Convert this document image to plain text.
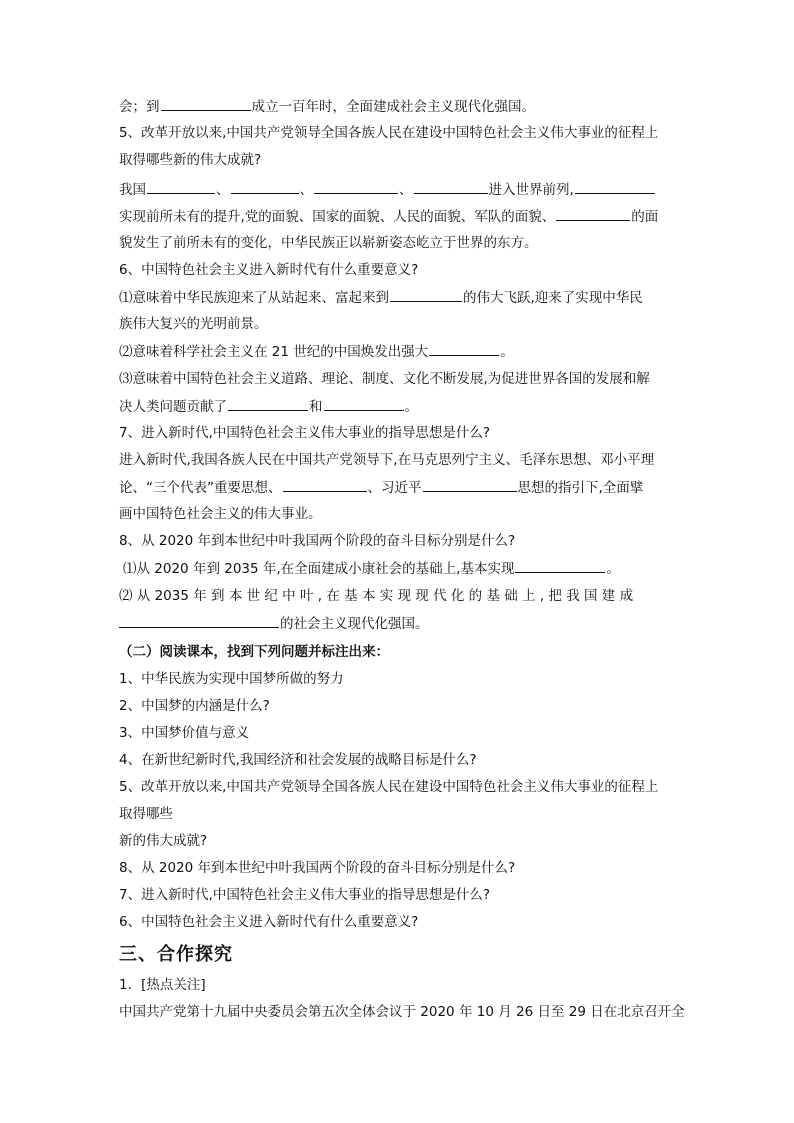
会；到	成立一百年时，全面建成社会主义现代化强国。
5、改革开放以来,中国共产党领导全国各族人民在建设中国特色社会主义伟大事业的征程上
取得哪些新的伟大成就?
我国	、	、	、	进入世界前列,
实现前所未有的提升,党的面貌、国家的面貌、人民的面貌、军队的面貌、	的面
貌发生了前所未有的变化，中华民族正以崭新姿态屹立于世界的东方。
6、中国特色社会主义进入新时代有什么重要意义?
⑴意味着中华民族迎来了从站起来、富起来到	的伟大飞跃,迎来了实现中华民
族伟大复兴的光明前景。
⑵意味着科学社会主义在 21 世纪的中国焕发出强大	。
⑶意味着中国特色社会主义道路、理论、制度、文化不断发展,为促进世界各国的发展和解
决人类问题贡献了	和	。
7、进入新时代,中国特色社会主义伟大事业的指导思想是什么?
进入新时代,我国各族人民在中国共产党领导下,在马克思列宁主义、毛泽东思想、邓小平理
论、“三个代表”重要思想、	、习近平	思想的指引下,全面擘
画中国特色社会主义的伟大事业。
8、从 2020 年到本世纪中叶我国两个阶段的奋斗目标分别是什么?
⑴从 2020 年到 2035 年,在全面建成小康社会的基础上,基本实现	。
⑵ 从 2035 年 到 本 世 纪 中 叶 , 在 基 本 实 现 现 代 化 的 基 础 上 , 把 我 国 建 成
的社会主义现代化强国。
（二）阅读课本，找到下列问题并标注出来：
1、中华民族为实现中国梦所做的努力
2、中国梦的内涵是什么?
3、中国梦价值与意义
4、在新世纪新时代,我国经济和社会发展的战略目标是什么?
5、改革开放以来,中国共产党领导全国各族人民在建设中国特色社会主义伟大事业的征程上
取得哪些
新的伟大成就?
8、从 2020 年到本世纪中叶我国两个阶段的奋斗目标分别是什么?
7、进入新时代,中国特色社会主义伟大事业的指导思想是什么?
6、中国特色社会主义进入新时代有什么重要意义?
三、合作探究
1．[热点关注]
中国共产党第十九届中央委员会第五次全体会议于 2020 年 10 月 26 日至 29 日在北京召开全
